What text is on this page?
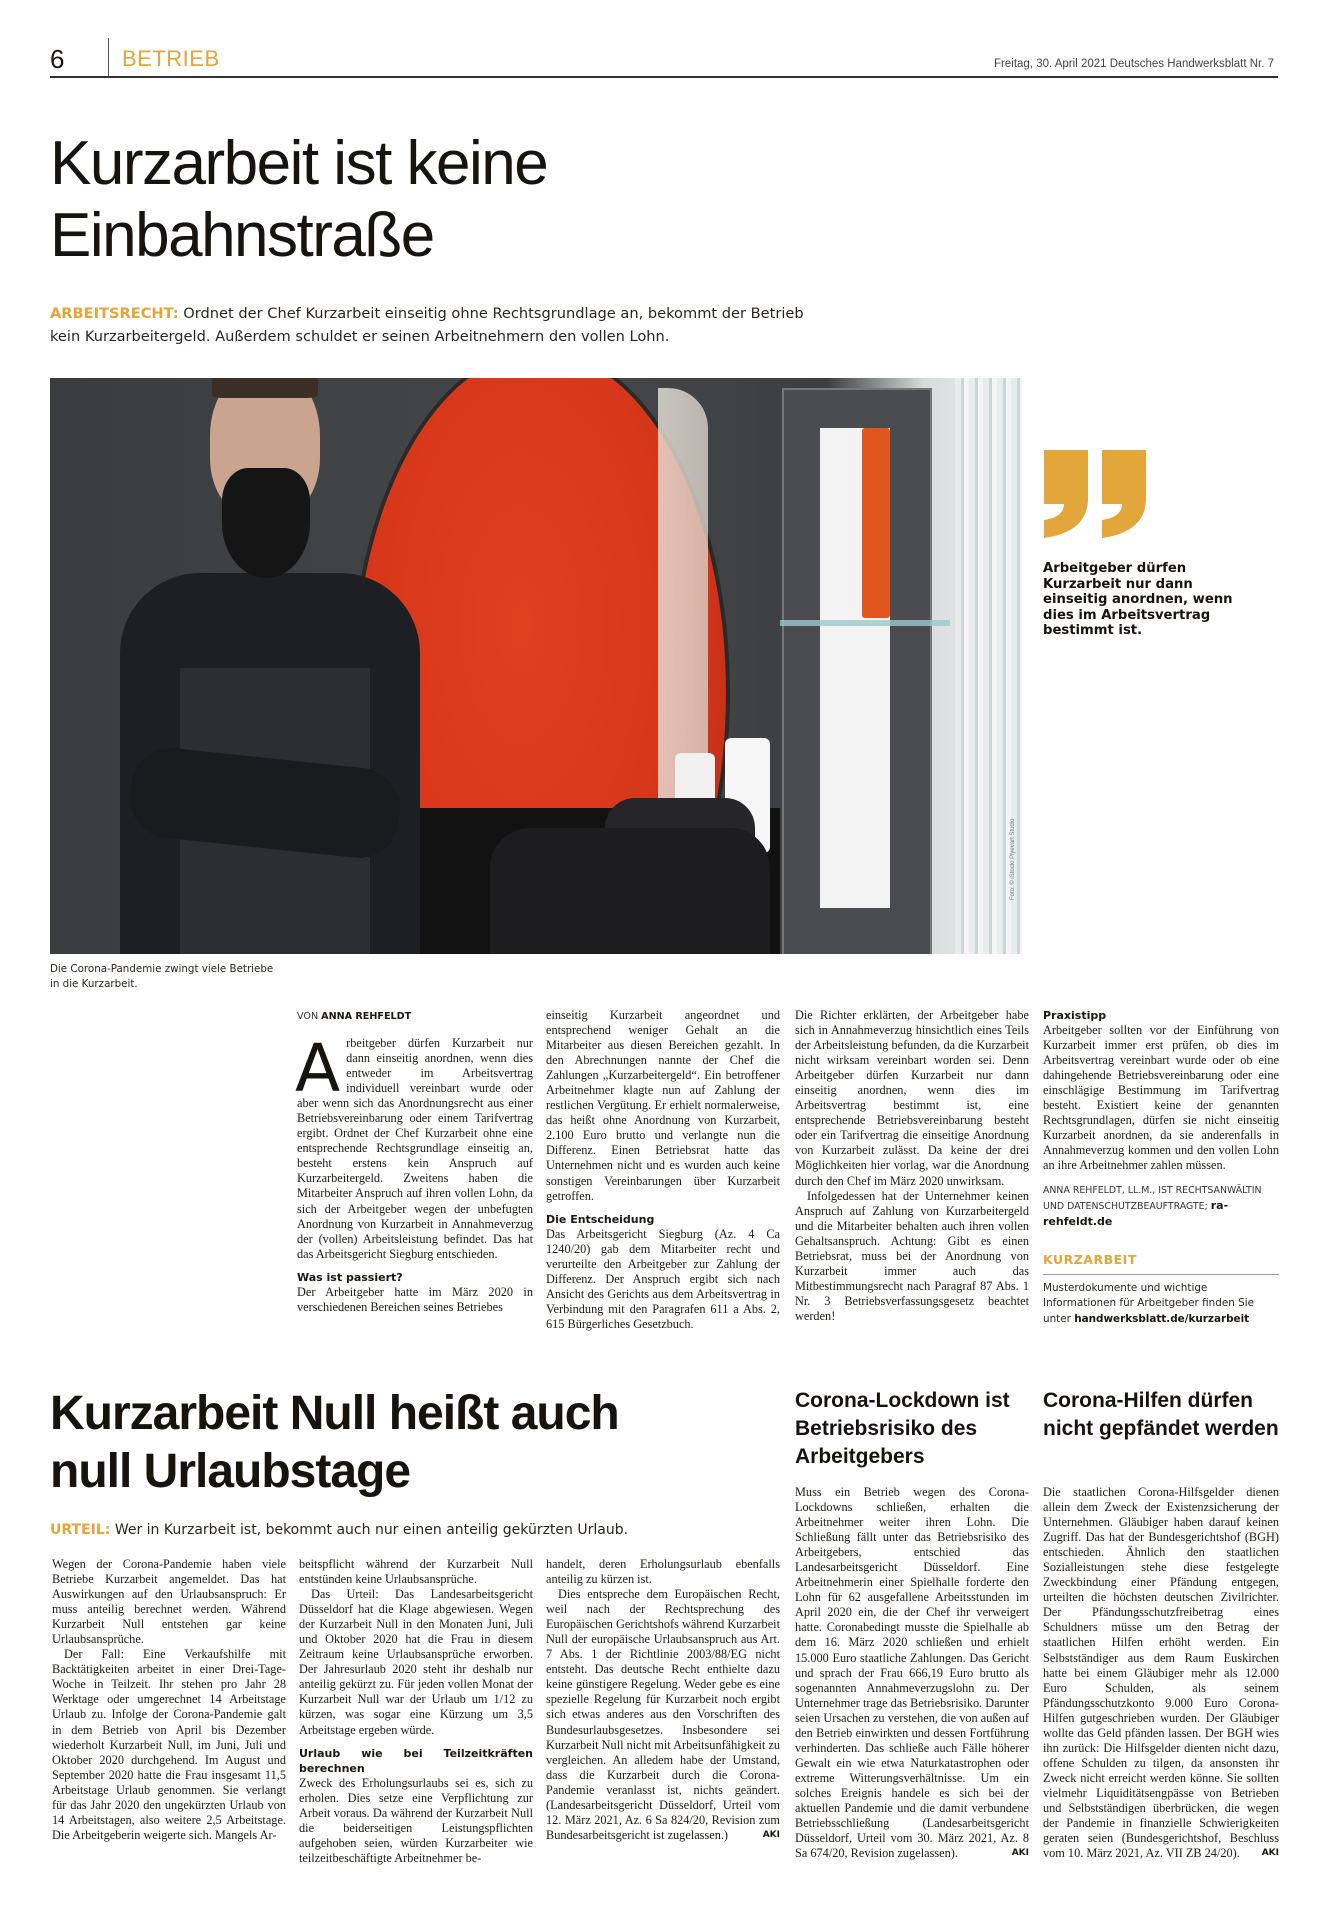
6	BETRIEB	Freitag, 30. April 2021 Deutsches Handwerksblatt Nr. 7
Kurzarbeit ist keine
Einbahnstraße
ARBEITSRECHT: Ordnet der Chef Kurzarbeit einseitig ohne Rechtsgrundlage an, bekommt der Betrieb kein Kurzarbeitergeld. Außerdem schuldet er seinen Arbeitnehmern den vollen Lohn.
Foto: © iStock/ Plyevart Studio
Die Corona-Pandemie zwingt viele Betriebe in die Kurzarbeit.
Arbeitgeber dürfen Kurzarbeit nur dann einseitig anordnen, wenn dies im Arbeitsvertrag bestimmt ist.
VON ANNA REHFELDT

Arbeitgeber dürfen Kurzarbeit nur dann einseitig anordnen, wenn dies entweder im Arbeitsvertrag individuell vereinbart wurde oder aber wenn sich das Anordnungsrecht aus einer Betriebsvereinbarung oder einem Tarifvertrag ergibt. Ordnet der Chef Kurzarbeit ohne eine entsprechende Rechtsgrundlage einseitig an, besteht erstens kein Anspruch auf Kurzarbeitergeld. Zweitens haben die Mitarbeiter Anspruch auf ihren vollen Lohn, da sich der Arbeitgeber wegen der unbefugten Anordnung von Kurzarbeit in Annahmeverzug der (vollen) Arbeitsleistung befindet. Das hat das Arbeitsgericht Siegburg entschieden.

Was ist passiert?

Der Arbeitgeber hatte im März 2020 in verschiedenen Bereichen seines Betriebes

einseitig Kurzarbeit angeordnet und entsprechend weniger Gehalt an die Mitarbeiter aus diesen Bereichen gezahlt. In den Abrechnungen nannte der Chef die Zahlungen „Kurzarbeitergeld“. Ein betroffener Arbeitnehmer klagte nun auf Zahlung der restlichen Vergütung. Er erhielt normalerweise, das heißt ohne Anordnung von Kurzarbeit, 2.100 Euro brutto und verlangte nun die Differenz. Einen Betriebsrat hatte das Unternehmen nicht und es wurden auch keine sonstigen Vereinbarungen über Kurzarbeit getroffen.

Die Entscheidung

Das Arbeitsgericht Siegburg (Az. 4 Ca 1240/20) gab dem Mitarbeiter recht und verurteilte den Arbeitgeber zur Zahlung der Differenz. Der Anspruch ergibt sich nach Ansicht des Gerichts aus dem Arbeitsvertrag in Verbindung mit den Paragrafen 611 a Abs. 2, 615 Bürgerliches Gesetzbuch.

Die Richter erklärten, der Arbeitgeber habe sich in Annahmeverzug hinsichtlich eines Teils der Arbeitsleistung befunden, da die Kurzarbeit nicht wirksam vereinbart worden sei. Denn Arbeitgeber dürfen Kurzarbeit nur dann einseitig anordnen, wenn dies im Arbeitsvertrag bestimmt ist, eine entsprechende Betriebsvereinbarung besteht oder ein Tarifvertrag die einseitige Anordnung von Kurzarbeit zulässt. Da keine der drei Möglichkeiten hier vorlag, war die Anordnung durch den Chef im März 2020 unwirksam.

Infolgedessen hat der Unternehmer keinen Anspruch auf Zahlung von Kurzarbeitergeld und die Mitarbeiter behalten auch ihren vollen Gehaltsanspruch. Achtung: Gibt es einen Betriebsrat, muss bei der Anordnung von Kurzarbeit immer auch das Mitbestimmungsrecht nach Paragraf 87 Abs. 1 Nr. 3 Betriebsverfassungsgesetz beachtet werden!

Praxistipp

Arbeitgeber sollten vor der Einführung von Kurzarbeit immer erst prüfen, ob dies im Arbeitsvertrag vereinbart wurde oder ob eine dahingehende Betriebsvereinbarung oder eine einschlägige Bestimmung im Tarifvertrag besteht. Existiert keine der genannten Rechtsgrundlagen, dürfen sie nicht einseitig Kurzarbeit anordnen, da sie anderenfalls in Annahmeverzug kommen und den vollen Lohn an ihre Arbeitnehmer zahlen müssen.

ANNA REHFELDT, LL.M., IST RECHTSANWÄLTIN UND DATENSCHUTZBEAUFTRAGTE; ra-rehfeldt.de
KURZARBEIT
Musterdokumente und wichtige Informationen für Arbeitgeber finden Sie unter handwerksblatt.de/kurzarbeit
Kurzarbeit Null heißt auch
null Urlaubstage
URTEIL: Wer in Kurzarbeit ist, bekommt auch nur einen anteilig gekürzten Urlaub.

Wegen der Corona-Pandemie haben viele Betriebe Kurzarbeit angemeldet. Das hat Auswirkungen auf den Urlaubsanspruch: Er muss anteilig berechnet werden. Während Kurzarbeit Null entstehen gar keine Urlaubsansprüche.

Der Fall: Eine Verkaufshilfe mit Backtätigkeiten arbeitet in einer Drei-Tage-Woche in Teilzeit. Ihr stehen pro Jahr 28 Werktage oder umgerechnet 14 Arbeitstage Urlaub zu. Infolge der Corona-Pandemie galt in dem Betrieb von April bis Dezember wiederholt Kurzarbeit Null, im Juni, Juli und Oktober 2020 durchgehend. Im August und September 2020 hatte die Frau insgesamt 11,5 Arbeitstage Urlaub genommen. Sie verlangt für das Jahr 2020 den ungekürzten Urlaub von 14 Arbeitstagen, also weitere 2,5 Arbeitstage. Die Arbeitgeberin weigerte sich. Mangels Ar-

beitspflicht während der Kurzarbeit Null entstünden keine Urlaubsansprüche.

Das Urteil: Das Landesarbeitsgericht Düsseldorf hat die Klage abgewiesen. Wegen der Kurzarbeit Null in den Monaten Juni, Juli und Oktober 2020 hat die Frau in diesem Zeitraum keine Urlaubsansprüche erworben. Der Jahresurlaub 2020 steht ihr deshalb nur anteilig gekürzt zu. Für jeden vollen Monat der Kurzarbeit Null war der Urlaub um 1/12 zu kürzen, was sogar eine Kürzung um 3,5 Arbeitstage ergeben würde.

Urlaub wie bei Teilzeitkräften berechnen

Zweck des Erholungsurlaubs sei es, sich zu erholen. Dies setze eine Verpflichtung zur Arbeit voraus. Da während der Kurzarbeit Null die beiderseitigen Leistungspflichten aufgehoben seien, würden Kurzarbeiter wie teilzeitbeschäftigte Arbeitnehmer be-

handelt, deren Erholungsurlaub ebenfalls anteilig zu kürzen ist.

Dies entspreche dem Europäischen Recht, weil nach der Rechtsprechung des Europäischen Gerichtshofs während Kurzarbeit Null der europäische Urlaubsanspruch aus Art. 7 Abs. 1 der Richtlinie 2003/88/EG nicht entsteht. Das deutsche Recht enthielte dazu keine günstigere Regelung. Weder gebe es eine spezielle Regelung für Kurzarbeit noch ergibt sich etwas anderes aus den Vorschriften des Bundesurlaubsgesetzes. Insbesondere sei Kurzarbeit Null nicht mit Arbeitsunfähigkeit zu vergleichen. An alledem habe der Umstand, dass die Kurzarbeit durch die Corona-Pandemie veranlasst ist, nichts geändert. (Landesarbeitsgericht Düsseldorf, Urteil vom 12. März 2021, Az. 6 Sa 824/20, Revision zum Bundesarbeitsgericht ist zugelassen.)	AKI

Corona-Lockdown ist Betriebsrisiko des Arbeitgebers

Muss ein Betrieb wegen des Corona-Lockdowns schließen, erhalten die Arbeitnehmer weiter ihren Lohn. Die Schließung fällt unter das Betriebsrisiko des Arbeitgebers, entschied das Landesarbeitsgericht Düsseldorf. Eine Arbeitnehmerin einer Spielhalle forderte den Lohn für 62 ausgefallene Arbeitsstunden im April 2020 ein, die der Chef ihr verweigert hatte. Coronabedingt musste die Spielhalle ab dem 16. März 2020 schließen und erhielt 15.000 Euro staatliche Zahlungen. Das Gericht und sprach der Frau 666,19 Euro brutto als sogenannten Annahmeverzugslohn zu. Der Unternehmer trage das Betriebsrisiko. Darunter seien Ursachen zu verstehen, die von außen auf den Betrieb einwirkten und dessen Fortführung verhinderten. Das schließe auch Fälle höherer Gewalt ein wie etwa Naturkatastrophen oder extreme Witterungsverhältnisse. Um ein solches Ereignis handele es sich bei der aktuellen Pandemie und die damit verbundene Betriebsschließung (Landesarbeitsgericht Düsseldorf, Urteil vom 30. März 2021, Az. 8 Sa 674/20, Revision zugelassen).	AKI

Corona-Hilfen dürfen nicht gepfändet werden

Die staatlichen Corona-Hilfsgelder dienen allein dem Zweck der Existenzsicherung der Unternehmen. Gläubiger haben darauf keinen Zugriff. Das hat der Bundesgerichtshof (BGH) entschieden. Ähnlich den staatlichen Sozialleistungen stehe diese festgelegte Zweckbindung einer Pfändung entgegen, urteilten die höchsten deutschen Zivilrichter. Der Pfändungsschutzfreibetrag eines Schuldners müsse um den Betrag der staatlichen Hilfen erhöht werden. Ein Selbstständiger aus dem Raum Euskirchen hatte bei einem Gläubiger mehr als 12.000 Euro Schulden, als seinem Pfändungsschutzkonto 9.000 Euro Corona-Hilfen gutgeschrieben wurden. Der Gläubiger wollte das Geld pfänden lassen. Der BGH wies ihn zurück: Die Hilfsgelder dienten nicht dazu, offene Schulden zu tilgen, da ansonsten ihr Zweck nicht erreicht werden könne. Sie sollten vielmehr Liquiditätsengpässe von Betrieben und Selbstständigen überbrücken, die wegen der Pandemie in finanzielle Schwierigkeiten geraten seien (Bundesgerichtshof, Beschluss vom 10. März 2021, Az. VII ZB 24/20). AKI
